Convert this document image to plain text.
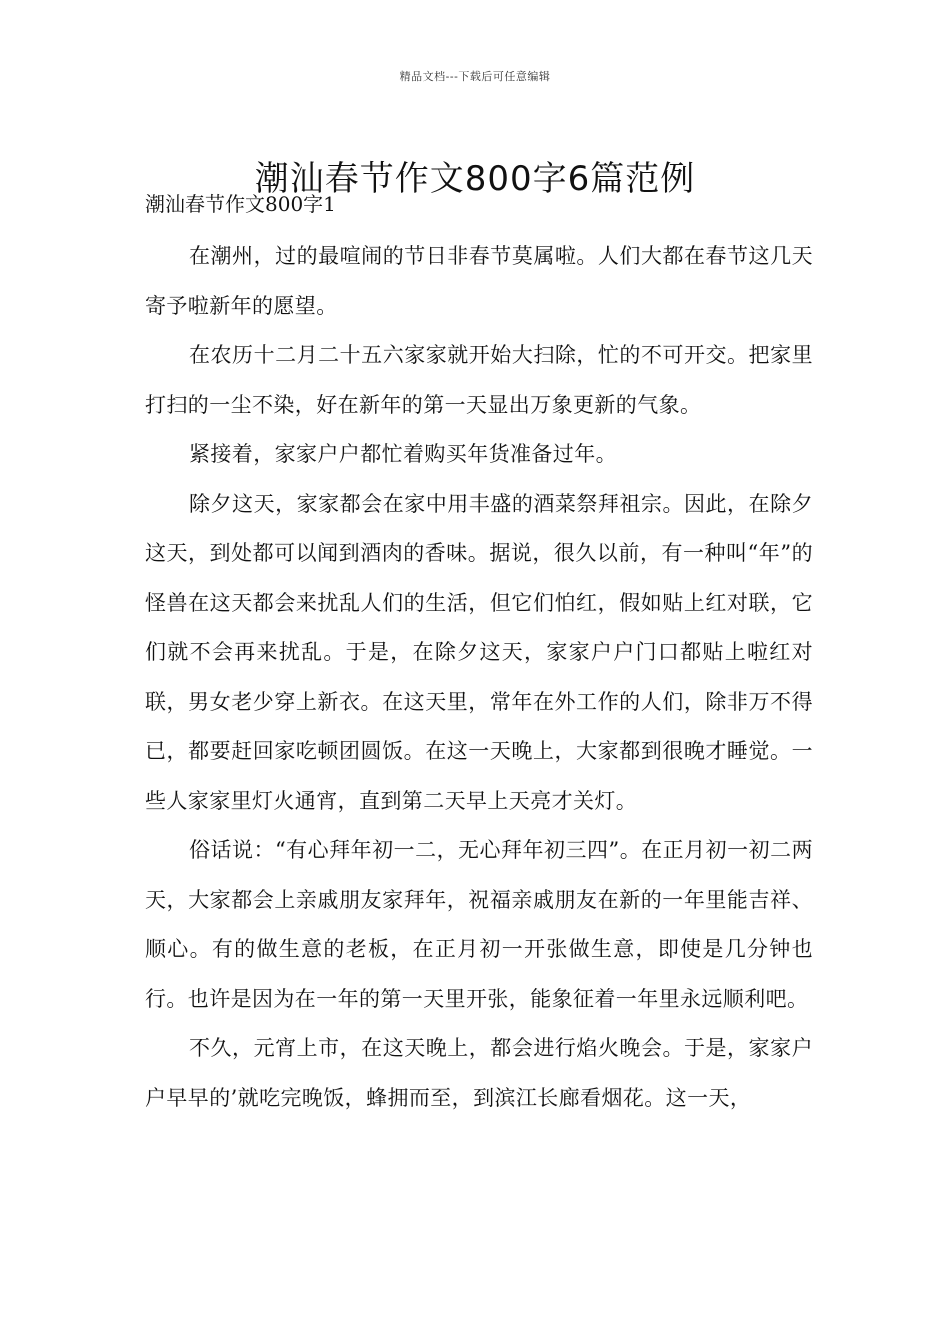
精品文档---下载后可任意编辑
潮汕春节作文800字6篇范例
潮汕春节作文800字1

在潮州，过的最喧闹的节日非春节莫属啦。人们大都在春节这几天寄予啦新年的愿望。

在农历十二月二十五六家家就开始大扫除，忙的不可开交。把家里打扫的一尘不染，好在新年的第一天显出万象更新的气象。

紧接着，家家户户都忙着购买年货准备过年。

除夕这天，家家都会在家中用丰盛的酒菜祭拜祖宗。因此，在除夕这天，到处都可以闻到酒肉的香味。据说，很久以前，有一种叫“年”的怪兽在这天都会来扰乱人们的生活，但它们怕红，假如贴上红对联，它们就不会再来扰乱。于是，在除夕这天，家家户户门口都贴上啦红对联，男女老少穿上新衣。在这天里，常年在外工作的人们，除非万不得已，都要赶回家吃顿团圆饭。在这一天晚上，大家都到很晚才睡觉。一些人家家里灯火通宵，直到第二天早上天亮才关灯。

俗话说：“有心拜年初一二，无心拜年初三四”。在正月初一初二两天，大家都会上亲戚朋友家拜年，祝福亲戚朋友在新的一年里能吉祥、顺心。有的做生意的老板，在正月初一开张做生意，即使是几分钟也行。也许是因为在一年的第一天里开张，能象征着一年里永远顺利吧。

不久，元宵上市，在这天晚上，都会进行焰火晚会。于是，家家户户早早的’就吃完晚饭，蜂拥而至，到滨江长廊看烟花。这一天，
